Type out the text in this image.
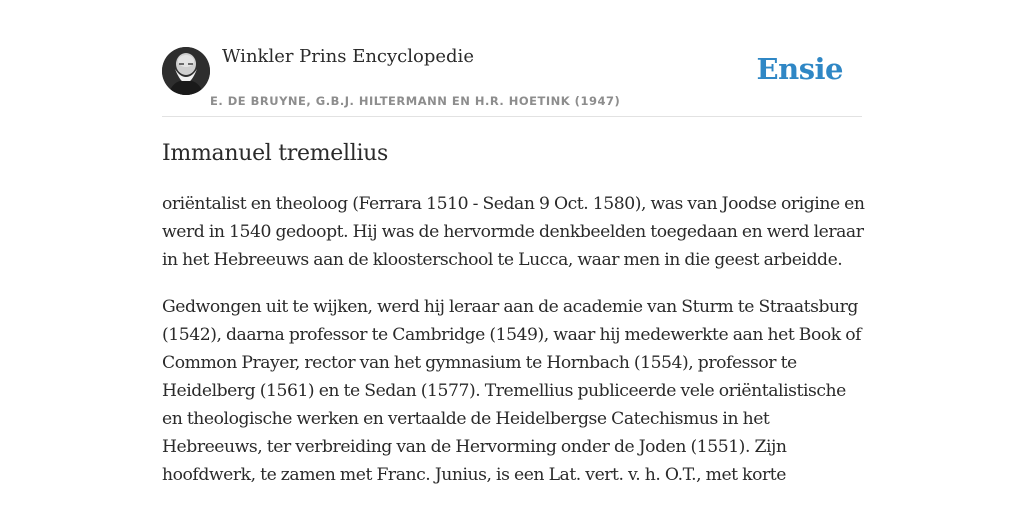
Winkler Prins Encyclopedie
E. DE BRUYNE, G.B.J. HILTERMANN EN H.R. HOETINK (1947)
Ensie
Immanuel tremellius

oriëntalist en theoloog (Ferrara 1510 - Sedan 9 Oct. 1580), was van Joodse origine en werd in 1540 gedoopt. Hij was de hervormde denkbeelden toegedaan en werd leraar in het Hebreeuws aan de kloosterschool te Lucca, waar men in die geest arbeidde.

Gedwongen uit te wijken, werd hij leraar aan de academie van Sturm te Straatsburg (1542), daarna professor te Cambridge (1549), waar hij medewerkte aan het Book of Common Prayer, rector van het gymnasium te Hornbach (1554), professor te Heidelberg (1561) en te Sedan (1577). Tremellius publiceerde vele oriëntalistische en theologische werken en vertaalde de Heidelbergse Catechismus in het Hebreeuws, ter verbreiding van de Hervorming onder de Joden (1551). Zijn hoofdwerk, te zamen met Franc. Junius, is een Lat. vert. v. h. O.T., met korte
